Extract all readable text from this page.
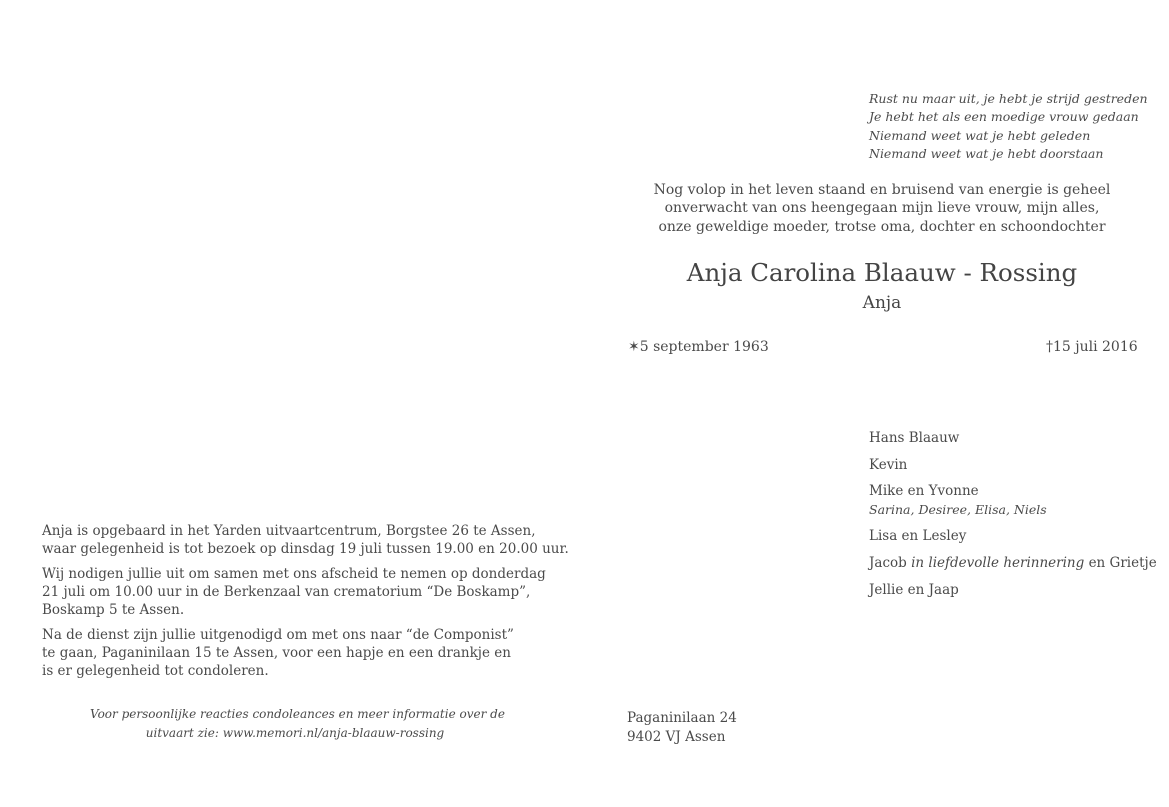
Rust nu maar uit, je hebt je strijd gestreden
Je hebt het als een moedige vrouw gedaan
Niemand weet wat je hebt geleden
Niemand weet wat je hebt doorstaan
Nog volop in het leven staand en bruisend van energie is geheel
onverwacht van ons heengegaan mijn lieve vrouw, mijn alles,
onze geweldige moeder, trotse oma, dochter en schoondochter
Anja Carolina Blaauw - Rossing
Anja
✶5 september 1963	†15 juli 2016
Hans Blaauw
Kevin
Mike en Yvonne
Sarina, Desiree, Elisa, Niels
Lisa en Lesley
Jacob in liefdevolle herinnering en Grietje
Jellie en Jaap

Anja is opgebaard in het Yarden uitvaartcentrum, Borgstee 26 te Assen,
waar gelegenheid is tot bezoek op dinsdag 19 juli tussen 19.00 en 20.00 uur.

Wij nodigen jullie uit om samen met ons afscheid te nemen op donderdag
21 juli om 10.00 uur in de Berkenzaal van crematorium “De Boskamp”,
Boskamp 5 te Assen.

Na de dienst zijn jullie uitgenodigd om met ons naar “de Componist”
te gaan, Paganinilaan 15 te Assen, voor een hapje en een drankje en
is er gelegenheid tot condoleren.

Voor persoonlijke reacties condoleances en meer informatie over de
uitvaart zie: www.memori.nl/anja-blaauw-rossing
Paganinilaan 24
9402 VJ Assen
